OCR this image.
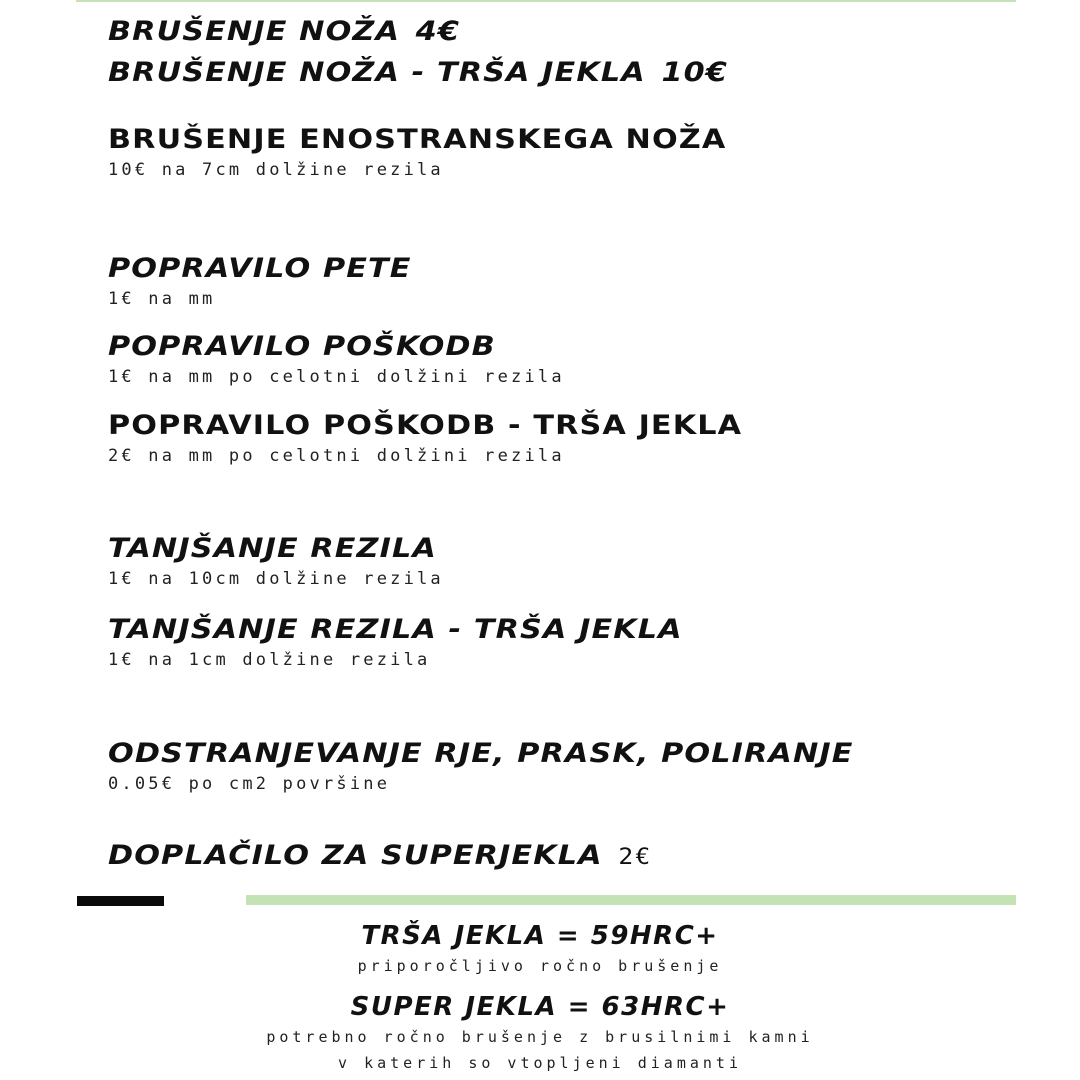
BRUŠENJE NOŽA 4€
BRUŠENJE NOŽA - TRŠA JEKLA 10€
BRUŠENJE ENOSTRANSKEGA NOŽA
10€ na 7cm dolžine rezila
POPRAVILO PETE
1€ na mm
POPRAVILO POŠKODB
1€ na mm po celotni dolžini rezila
POPRAVILO POŠKODB - TRŠA JEKLA
2€ na mm po celotni dolžini rezila
TANJŠANJE REZILA
1€ na 10cm dolžine rezila
TANJŠANJE REZILA - TRŠA JEKLA
1€ na 1cm dolžine rezila
ODSTRANJEVANJE RJE, PRASK, POLIRANJE
0.05€ po cm2 površine
DOPLAČILO ZA SUPERJEKLA 2€
TRŠA JEKLA = 59HRC+
priporočljivo ročno brušenje
SUPER JEKLA = 63HRC+
potrebno ročno brušenje z brusilnimi kamni
v katerih so vtopljeni diamanti
